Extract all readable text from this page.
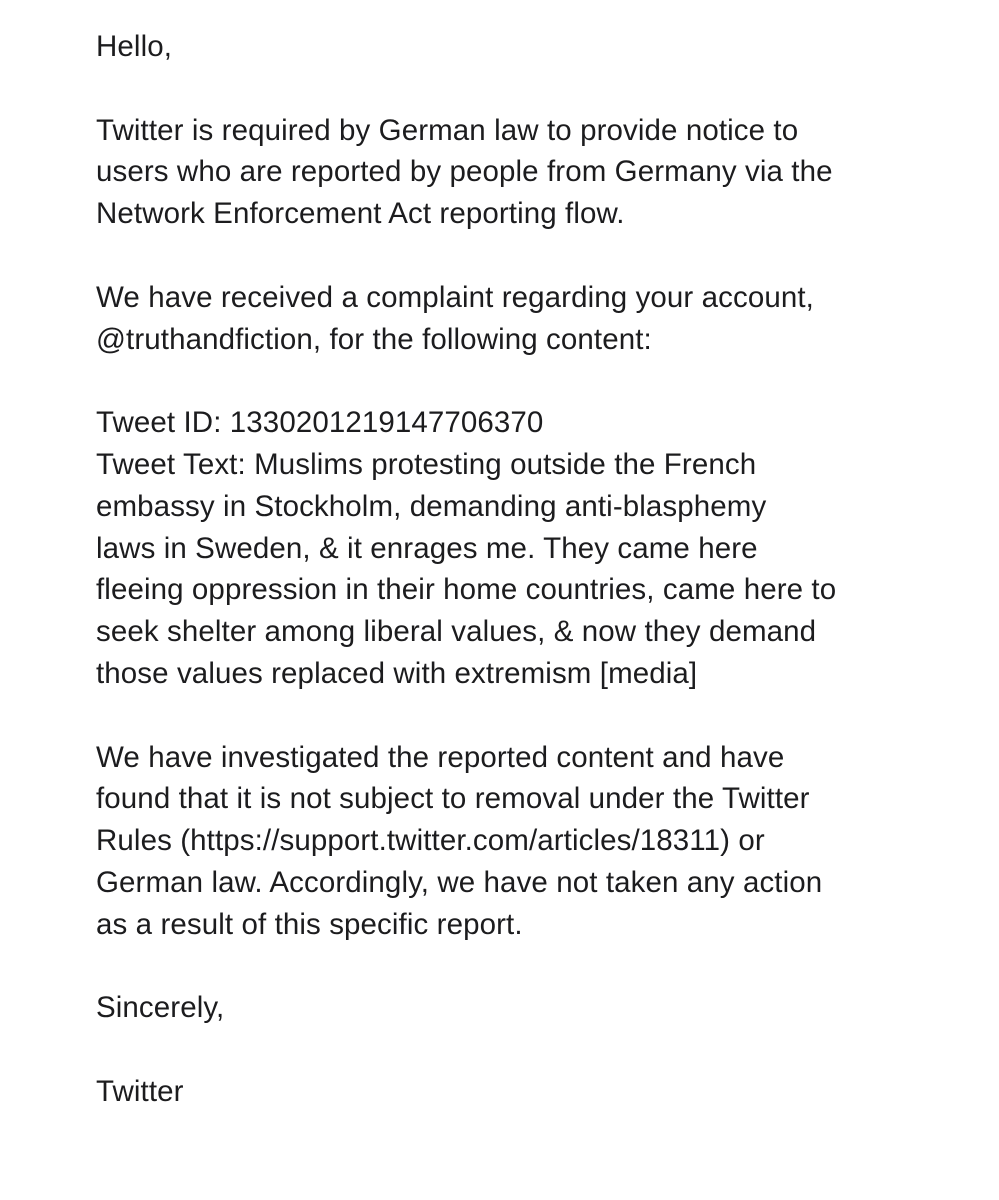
Hello,

Twitter is required by German law to provide notice to
users who are reported by people from Germany via the
Network Enforcement Act reporting flow.

We have received a complaint regarding your account,
@truthandfiction, for the following content:

Tweet ID: 1330201219147706370
Tweet Text: Muslims protesting outside the French
embassy in Stockholm, demanding anti-blasphemy
laws in Sweden, & it enrages me. They came here
fleeing oppression in their home countries, came here to
seek shelter among liberal values, & now they demand
those values replaced with extremism [media]

We have investigated the reported content and have
found that it is not subject to removal under the Twitter
Rules (https://support.twitter.com/articles/18311) or
German law. Accordingly, we have not taken any action
as a result of this specific report.

Sincerely,

Twitter
